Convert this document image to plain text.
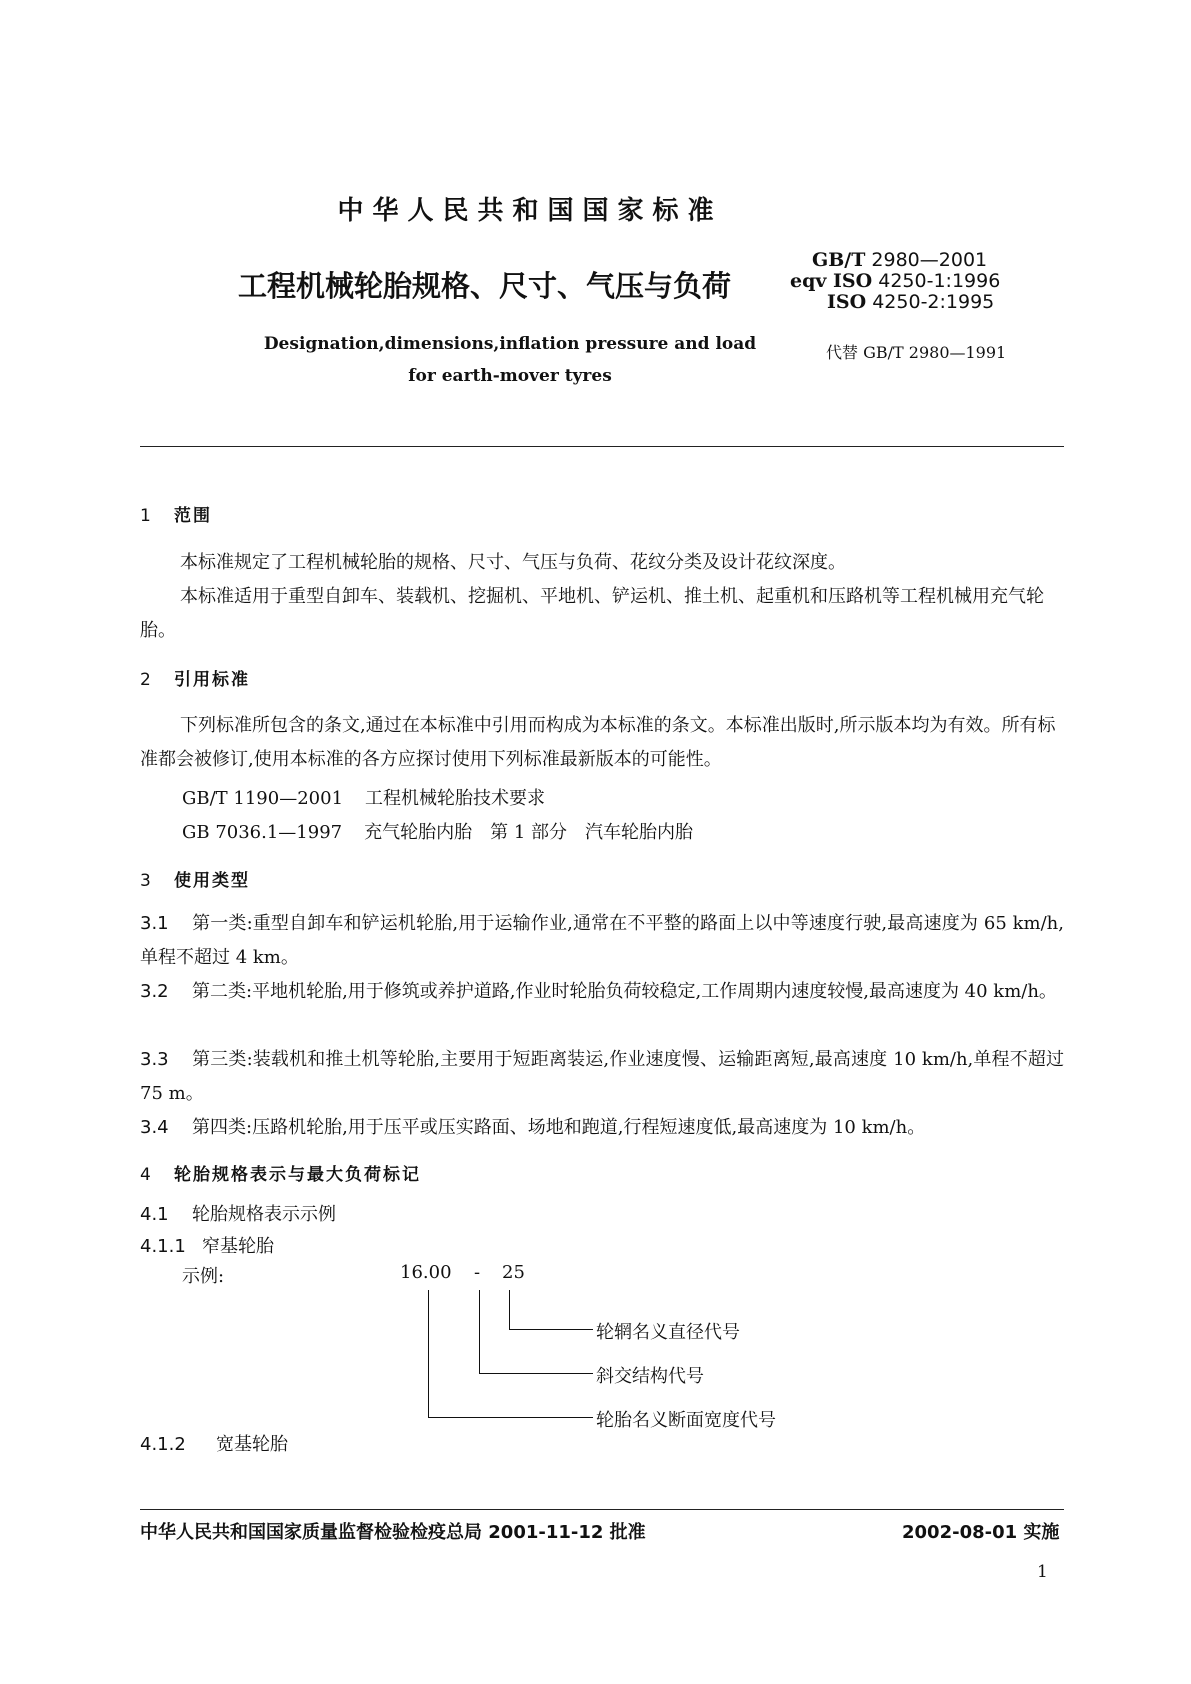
中华人民共和国国家标准
工程机械轮胎规格、尺寸、气压与负荷
GB/T 2980—2001
eqv ISO 4250-1:1996
ISO 4250-2:1995
Designation,dimensions,inflation pressure and load
for earth-mover tyres
代替 GB/T 2980—1991
1 范围
本标准规定了工程机械轮胎的规格、尺寸、气压与负荷、花纹分类及设计花纹深度。
本标准适用于重型自卸车、装载机、挖掘机、平地机、铲运机、推土机、起重机和压路机等工程机械用充气轮胎。
2 引用标准
下列标准所包含的条文,通过在本标准中引用而构成为本标准的条文。本标准出版时,所示版本均为有效。所有标准都会被修订,使用本标准的各方应探讨使用下列标准最新版本的可能性。
GB/T 1190—2001 工程机械轮胎技术要求
GB 7036.1—1997 充气轮胎内胎　第 1 部分　汽车轮胎内胎
3 使用类型
3.1 第一类:重型自卸车和铲运机轮胎,用于运输作业,通常在不平整的路面上以中等速度行驶,最高速度为 65 km/h,单程不超过 4 km。
3.2 第二类:平地机轮胎,用于修筑或养护道路,作业时轮胎负荷较稳定,工作周期内速度较慢,最高速度为 40 km/h。
3.3 第三类:装载机和推土机等轮胎,主要用于短距离装运,作业速度慢、运输距离短,最高速度 10 km/h,单程不超过 75 m。
3.4 第四类:压路机轮胎,用于压平或压实路面、场地和跑道,行程短速度低,最高速度为 10 km/h。
4 轮胎规格表示与最大负荷标记
4.1 轮胎规格表示示例
4.1.1 窄基轮胎
示例:	16.00 - 25
轮辋名义直径代号
斜交结构代号
轮胎名义断面宽度代号
4.1.2 宽基轮胎
中华人民共和国国家质量监督检验检疫总局 2001-11-12 批准	2002-08-01 实施
1
